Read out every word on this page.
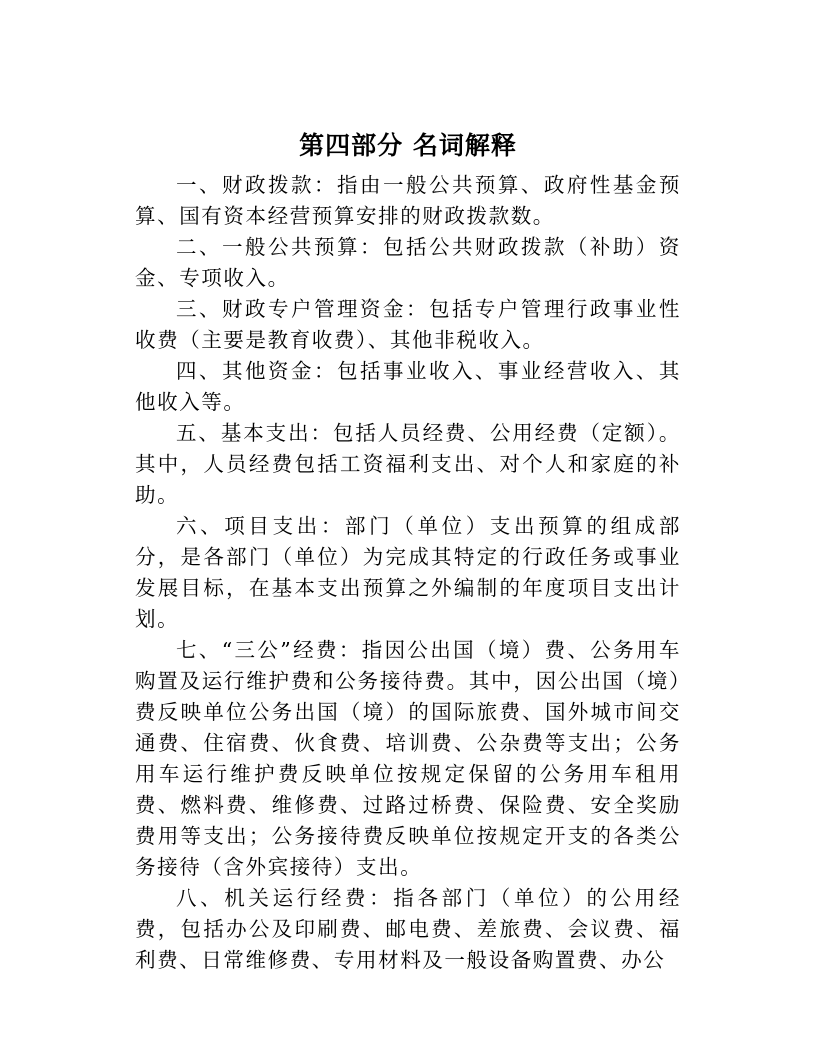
第四部分 名词解释

一、财政拨款：指由一般公共预算、政府性基金预算、国有资本经营预算安排的财政拨款数。

二、一般公共预算：包括公共财政拨款（补助）资金、专项收入。

三、财政专户管理资金：包括专户管理行政事业性收费（主要是教育收费）、其他非税收入。

四、其他资金：包括事业收入、事业经营收入、其他收入等。

五、基本支出：包括人员经费、公用经费（定额）。其中，人员经费包括工资福利支出、对个人和家庭的补助。

六、项目支出：部门（单位）支出预算的组成部分，是各部门（单位）为完成其特定的行政任务或事业发展目标，在基本支出预算之外编制的年度项目支出计划。

七、“三公”经费：指因公出国（境）费、公务用车购置及运行维护费和公务接待费。其中，因公出国（境）费反映单位公务出国（境）的国际旅费、国外城市间交通费、住宿费、伙食费、培训费、公杂费等支出；公务用车运行维护费反映单位按规定保留的公务用车租用费、燃料费、维修费、过路过桥费、保险费、安全奖励费用等支出；公务接待费反映单位按规定开支的各类公务接待（含外宾接待）支出。

八、机关运行经费：指各部门（单位）的公用经费，包括办公及印刷费、邮电费、差旅费、会议费、福利费、日常维修费、专用材料及一般设备购置费、办公
